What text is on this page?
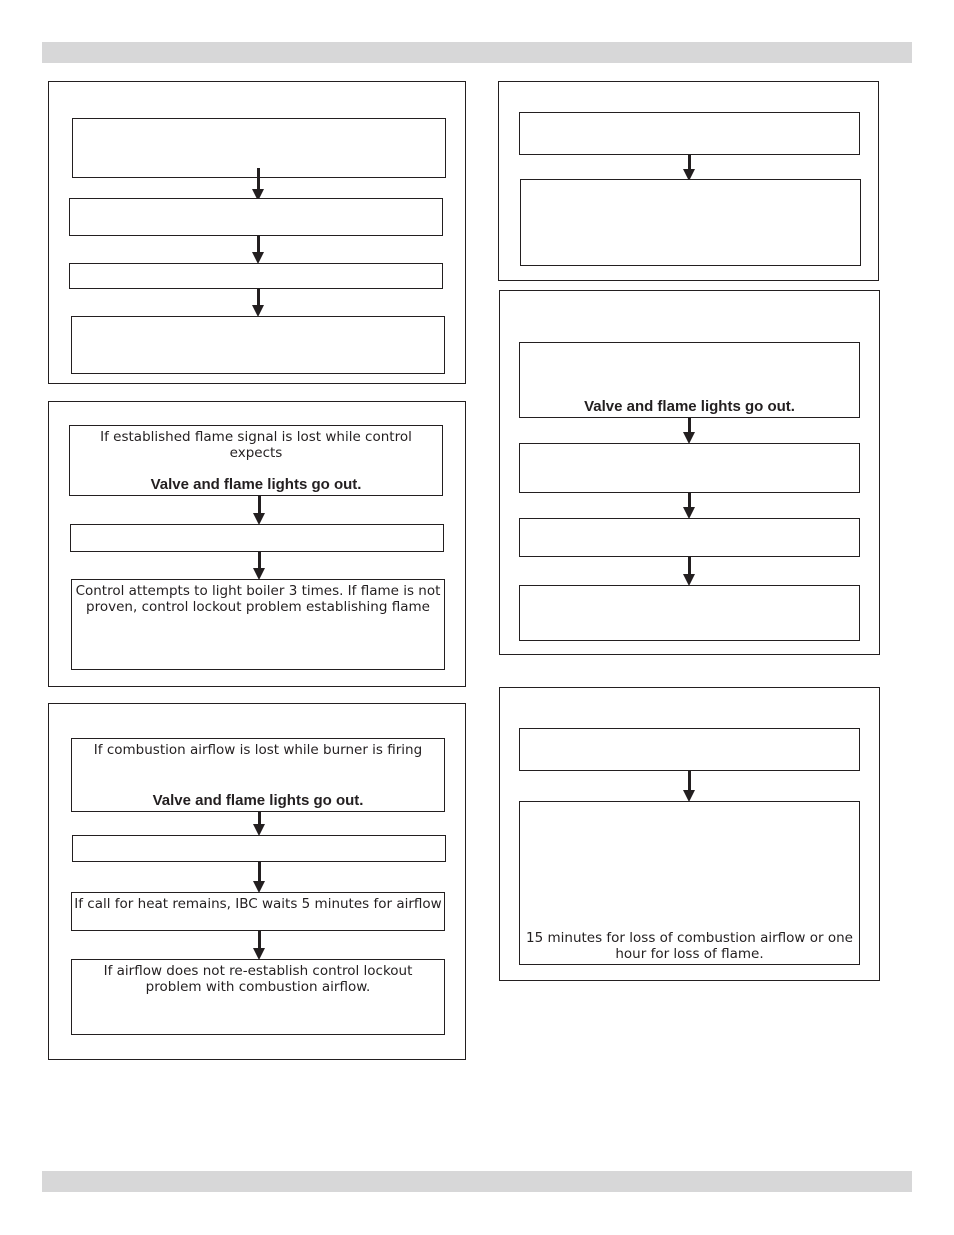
If established flame signal is lost while control expects
Valve and flame lights go out.
Control attempts to light boiler 3 times. If flame is not proven, control lockout problem establishing flame
If combustion airflow is lost while burner is firing
Valve and flame lights go out.
If call for heat remains, IBC waits 5 minutes for airflow
If airflow does not re-establish control lockout problem with combustion airflow.
Valve and flame lights go out.
15 minutes for loss of combustion airflow or one hour for loss of flame.
